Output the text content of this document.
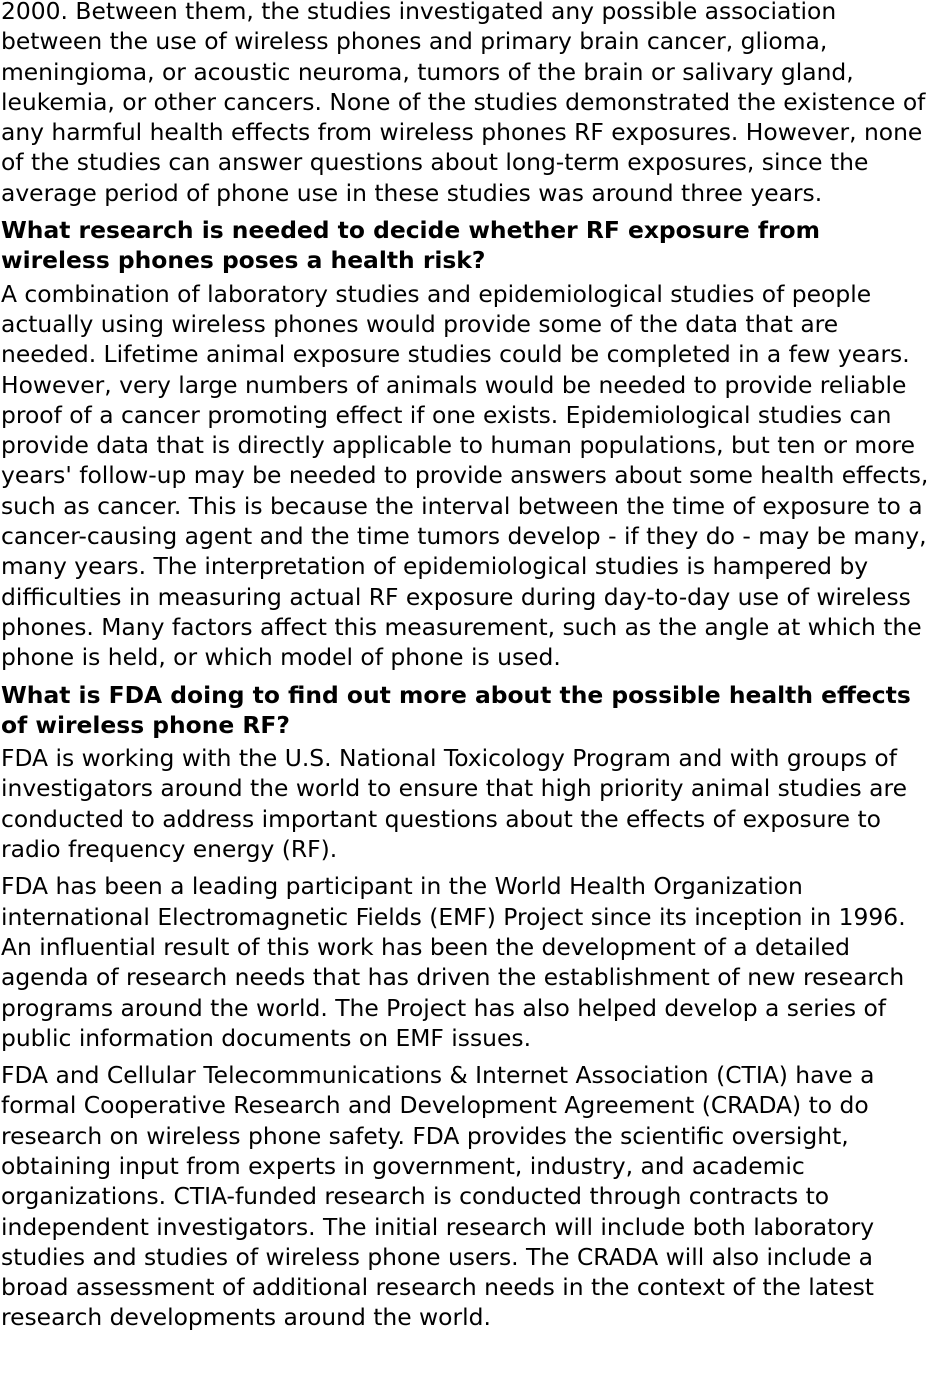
2000. Between them, the studies investigated any possible association between the use of wireless phones and primary brain cancer, glioma, meningioma, or acoustic neuroma, tumors of the brain or salivary gland, leukemia, or other cancers. None of the studies demonstrated the existence of any harmful health effects from wireless phones RF exposures. However, none of the studies can answer questions about long-term exposures, since the average period of phone use in these studies was around three years.

What research is needed to decide whether RF exposure from wireless phones poses a health risk?

A combination of laboratory studies and epidemiological studies of people actually using wireless phones would provide some of the data that are needed. Lifetime animal exposure studies could be completed in a few years. However, very large numbers of animals would be needed to provide reliable proof of a cancer promoting effect if one exists. Epidemiological studies can provide data that is directly applicable to human populations, but ten or more years' follow-up may be needed to provide answers about some health effects, such as cancer. This is because the interval between the time of exposure to a cancer-causing agent and the time tumors develop - if they do - may be many, many years. The interpretation of epidemiological studies is hampered by difficulties in measuring actual RF exposure during day-to-day use of wireless phones. Many factors affect this measurement, such as the angle at which the phone is held, or which model of phone is used.

What is FDA doing to find out more about the possible health effects of wireless phone RF?

FDA is working with the U.S. National Toxicology Program and with groups of investigators around the world to ensure that high priority animal studies are conducted to address important questions about the effects of exposure to radio frequency energy (RF).

FDA has been a leading participant in the World Health Organization international Electromagnetic Fields (EMF) Project since its inception in 1996. An influential result of this work has been the development of a detailed agenda of research needs that has driven the establishment of new research programs around the world. The Project has also helped develop a series of public information documents on EMF issues.

FDA and Cellular Telecommunications & Internet Association (CTIA) have a formal Cooperative Research and Development Agreement (CRADA) to do research on wireless phone safety. FDA provides the scientific oversight, obtaining input from experts in government, industry, and academic organizations. CTIA-funded research is conducted through contracts to independent investigators. The initial research will include both laboratory studies and studies of wireless phone users. The CRADA will also include a broad assessment of additional research needs in the context of the latest research developments around the world.
